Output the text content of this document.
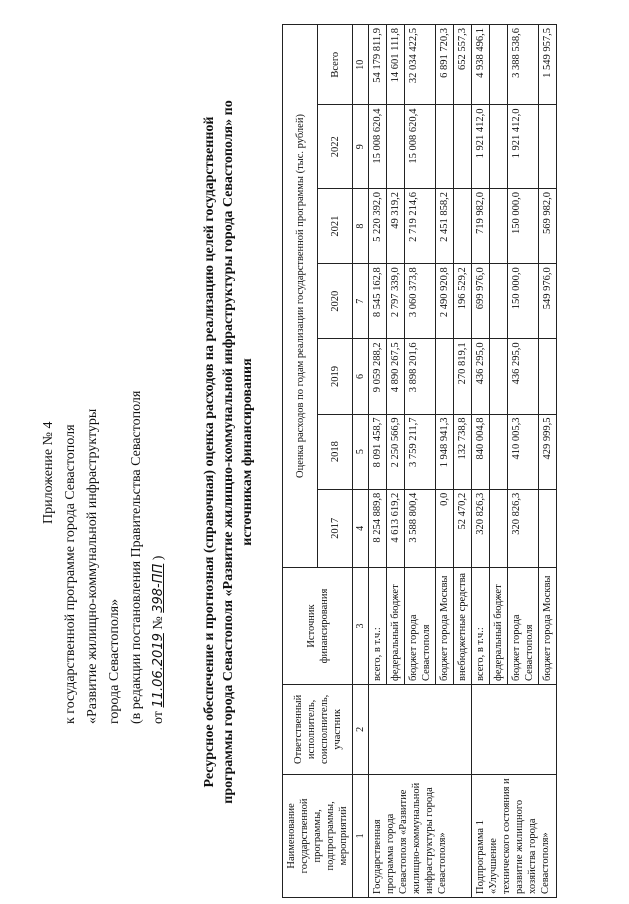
Приложение № 4 к государственной программе города Севастополя «Развитие жилищно-коммунальной инфраструктуры города Севастополя» (в редакции постановления Правительства Севастополя от 11.06.2019 № 398-ПП )	Ресурсное обеспечение и прогнозная (справочная) оценка расходов на реализацию целей государственной программы города Севастополя «Развитие жилищно-коммунальной инфраструктуры города Севастополя» по источникам финансирования
Наименование государственной программы, подпрограммы, мероприятий	Ответственный исполнитель, соисполнитель, участник	Источник финансирования	Оценка расходов по годам реализации государственной программы (тыс. рублей)						
			2017	2018	2019	2020	2021	2022	Всего
1	2	3	4	5	6	7	8	9	10
Государственная программа города Севастополя «Развитие жилищно-коммунальной инфраструктуры города Севастополя»		всего, в т.ч.:	8 254 889,8	8 091 458,7	9 059 288,2	8 545 162,8	5 220 392,0	15 008 620,4	54 179 811,9
		федеральный бюджет	4 613 619,2	2 250 566,9	4 890 267,5	2 797 339,0	49 319,2		14 601 111,8
		бюджет города Севастополя	3 588 800,4	3 759 211,7	3 898 201,6	3 060 373,8	2 719 214,6	15 008 620,4	32 034 422,5
		бюджет города Москвы	0,0	1 948 941,3		2 490 920,8	2 451 858,2		6 891 720,3
		внебюджетные средства	52 470,2	132 738,8	270 819,1	196 529,2			652 557,3
Подпрограмма 1 «Улучшение технического состояния и развитие жилищного хозяйства города Севастополя»		всего, в т.ч.:	320 826,3	840 004,8	436 295,0	699 976,0	719 982,0	1 921 412,0	4 938 496,1
		федеральный бюджет							
		бюджет города Севастополя	320 826,3	410 005,3	436 295,0	150 000,0	150 000,0	1 921 412,0	3 388 538,6
		бюджет города Москвы		429 999,5		549 976,0	569 982,0		1 549 957,5
